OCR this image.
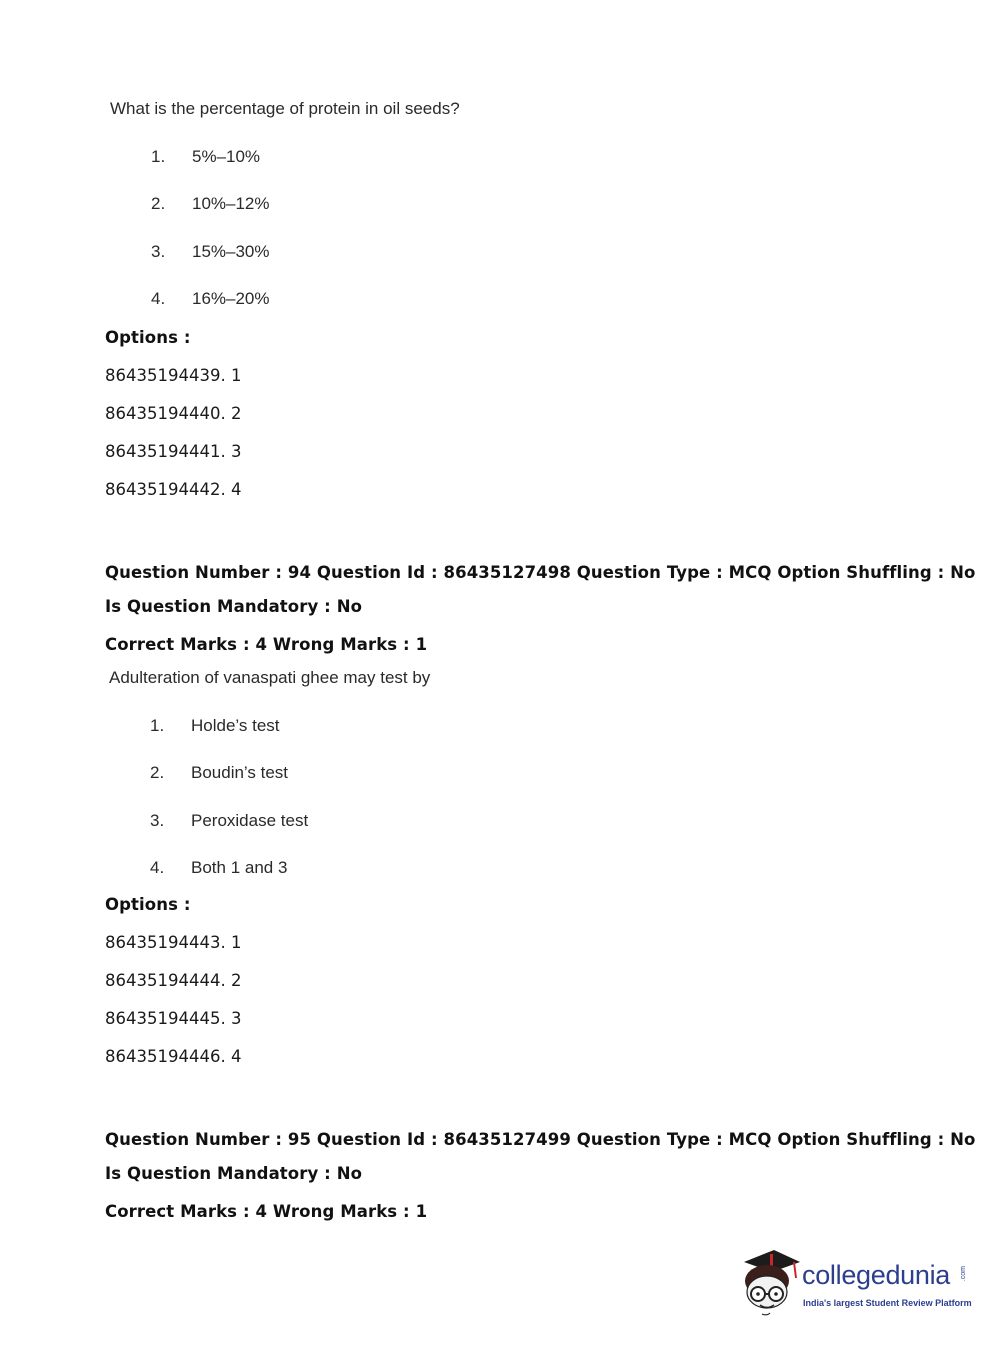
What is the percentage of protein in oil seeds?
1. 5%–10%
2. 10%–12%
3. 15%–30%
4. 16%–20%
Options :
86435194439. 1
86435194440. 2
86435194441. 3
86435194442. 4
Question Number : 94 Question Id : 86435127498 Question Type : MCQ Option Shuffling : No
Is Question Mandatory : No
Correct Marks : 4 Wrong Marks : 1
Adulteration of vanaspati ghee may test by
1. Holde’s test
2. Boudin’s test
3. Peroxidase test
4. Both 1 and 3
Options :
86435194443. 1
86435194444. 2
86435194445. 3
86435194446. 4
Question Number : 95 Question Id : 86435127499 Question Type : MCQ Option Shuffling : No
Is Question Mandatory : No
Correct Marks : 4 Wrong Marks : 1
collegedunia .com
India's largest Student Review Platform
